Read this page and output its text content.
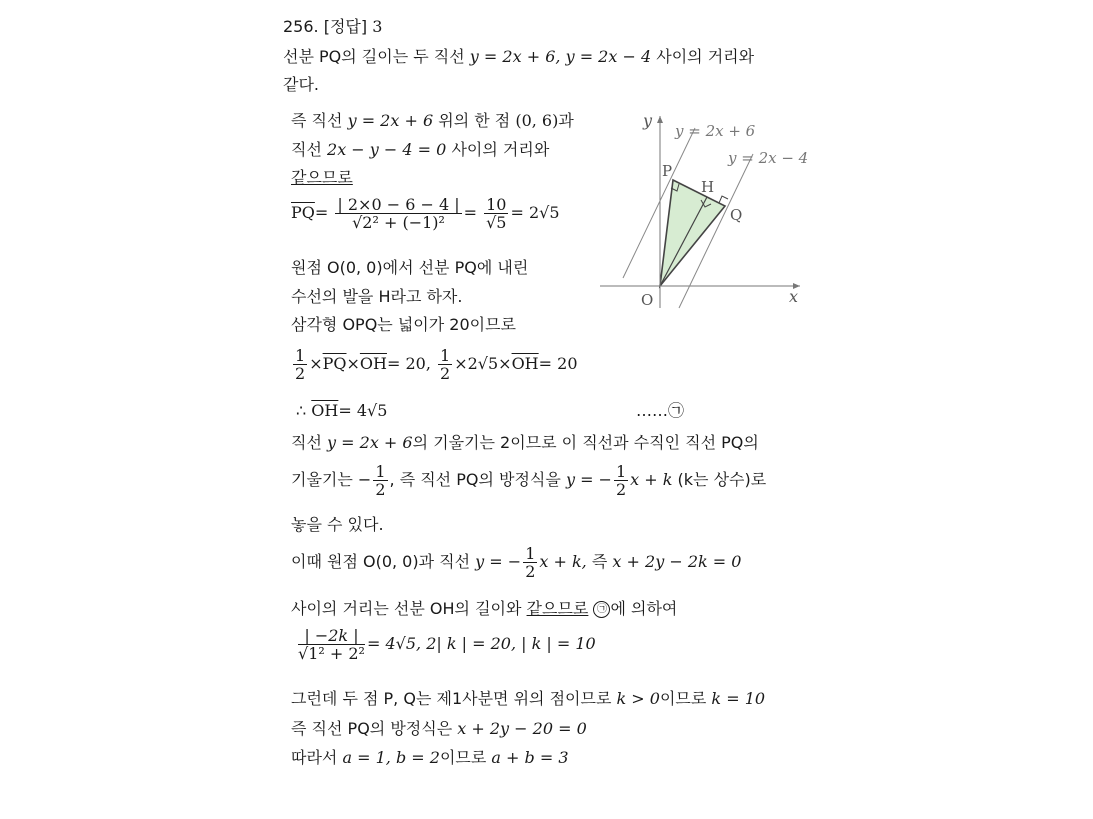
256. [정답] 3
선분 PQ의 길이는 두 직선 y = 2x + 6, y = 2x − 4 사이의 거리와
같다.
즉 직선 y = 2x + 6 위의 한 점 (0, 6)과
직선 2x − y − 4 = 0 사이의 거리와
같으므로
$\overline{PQ}= \frac{| 2\times 0 - 6 - 4 |}{\text{√2² + (−1)²}} = \frac{10}{√5} = 2√5$
원점 O(0, 0)에서 선분 PQ에 내린
수선의 발을 H라고 하자.
삼각형 OPQ는 넓이가 20이므로
$\frac{1}{2} \times\overline{PQ}\times\overline{OH}= 20$, $\frac{1}{2} \times 2√5\times\overline{OH}= 20$
∴ $\overline{OH}= 4√5$	……㉠
직선 y = 2x + 6의 기울기는 2이므로 이 직선과 수직인 직선 PQ의
기울기는 − $\frac{1}{2}$ , 즉 직선 PQ의 방정식을 y = − $\frac{1}{2}$ x + k (k는 상수)로
놓을 수 있다.
이때 원점 O(0, 0)과 직선 y = − $\frac{1}{2}$ x + k, 즉 x + 2y − 2k = 0
사이의 거리는 선분 OH의 길이와 같으므로 ㉠ 에 의하여
$\frac{| -2k |}{\text{√1² + 2²}} = 4√5$, 2| k | = 20, | k | = 10
그런데 두 점 P, Q는 제1사분면 위의 점이므로 k > 0이므로 k = 10
즉 직선 PQ의 방정식은 x + 2y − 20 = 0
따라서 a = 1, b = 2이므로 a + b = 3
y
x
O
P
H
Q
y = 2x + 6
y = 2x − 4
